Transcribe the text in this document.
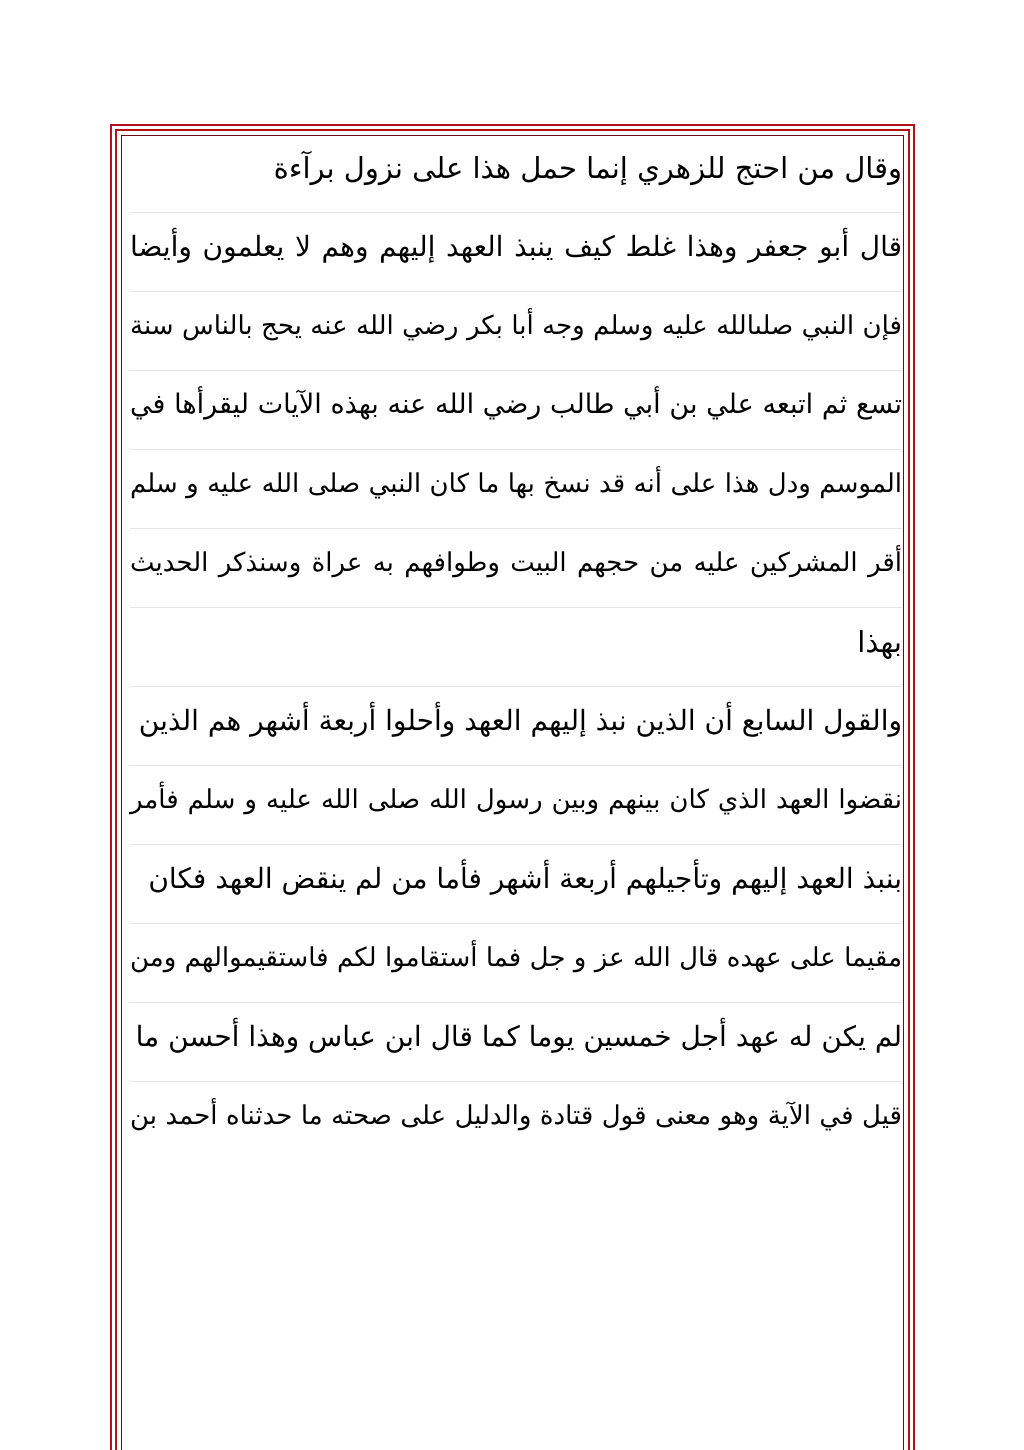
وقال من احتج للزهري إنما حمل هذا على نزول برآءة
قال أبو جعفر وهذا غلط كيف ينبذ العهد إليهم وهم لا يعلمون وأيضا
فإن النبي صلىالله عليه وسلم وجه أبا بكر رضي الله عنه يحج بالناس سنة
تسع ثم اتبعه علي بن أبي طالب رضي الله عنه بهذه الآيات ليقرأها في
الموسم ودل هذا على أنه قد نسخ بها ما كان النبي صلى الله عليه و سلم
أقر المشركين عليه من حجهم البيت وطوافهم به عراة وسنذكر الحديث
بهذا
والقول السابع أن الذين نبذ إليهم العهد وأحلوا أربعة أشهر هم الذين
نقضوا العهد الذي كان بينهم وبين رسول الله صلى الله عليه و سلم فأمر
بنبذ العهد إليهم وتأجيلهم أربعة أشهر فأما من لم ينقض العهد فكان
مقيما على عهده قال الله عز و جل فما أستقاموا لكم فاستقيموالهم ومن
لم يكن له عهد أجل خمسين يوما كما قال ابن عباس وهذا أحسن ما
قيل في الآية وهو معنى قول قتادة والدليل على صحته ما حدثناه أحمد بن
